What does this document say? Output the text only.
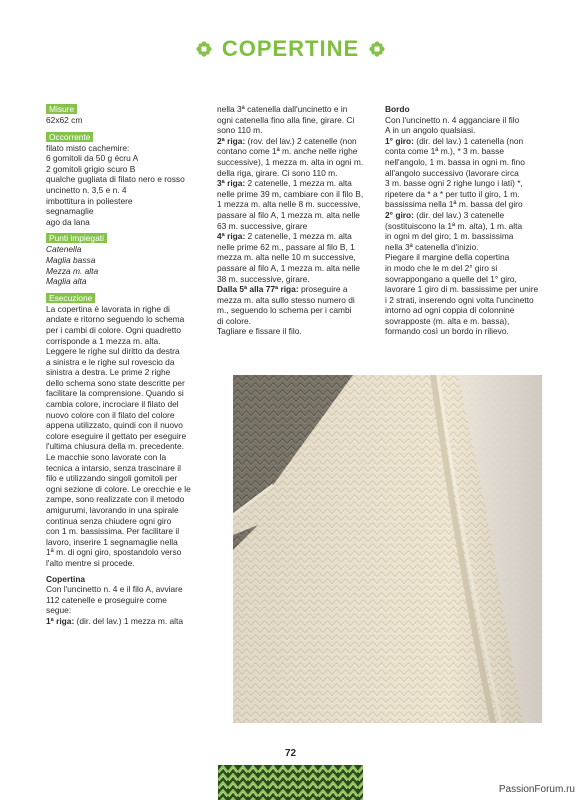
COPERTINE
Misure
62x62 cm
Occorrente
filato misto cachemire:
6 gomitoli da 50 g écru A
2 gomitoli grigio scuro B
qualche gugliata di filato nero e rosso
uncinetto n. 3,5 e n. 4
imbottitura in poliestere
segnamaglie
ago da lana
Punti impiegati
Catenella
Maglia bassa
Mezza m. alta
Maglia alta
Esecuzione
La copertina è lavorata in righe di
andate e ritorno seguendo lo schema
per i cambi di colore. Ogni quadretto
corrisponde a 1 mezza m. alta.
Leggere le righe sul diritto da destra
a sinistra e le righe sul rovescio da
sinistra a destra. Le prime 2 righe
dello schema sono state descritte per
facilitare la comprensione. Quando si
cambia colore, incrociare il filato del
nuovo colore con il filato del colore
appena utilizzato, quindi con il nuovo
colore eseguire il gettato per eseguire
l'ultima chiusura della m. precedente.
Le macchie sono lavorate con la
tecnica a intarsio, senza trascinare il
filo e utilizzando singoli gomitoli per
ogni sezione di colore. Le orecchie e le
zampe, sono realizzate con il metodo
amigurumi, lavorando in una spirale
continua senza chiudere ogni giro
con 1 m. bassissima. Per facilitare il
lavoro, inserire 1 segnamaglie nella
1ª m. di ogni giro, spostandolo verso
l'alto mentre si procede.
Copertina
Con l'uncinetto n. 4 e il filo A, avviare
112 catenelle e proseguire come
segue:
1ª riga: (dir. del lav.) 1 mezza m. alta
nella 3ª catenella dall'uncinetto e in
ogni catenella fino alla fine, girare. Ci
sono 110 m.
2ª riga: (rov. del lav.) 2 catenelle (non
contano come 1ª m. anche nelle righe
successive), 1 mezza m. alta in ogni m.
della riga, girare. Ci sono 110 m.
3ª riga: 2 catenelle, 1 mezza m. alta
nelle prime 39 m, cambiare con il filo B,
1 mezza m. alta nelle 8 m. successive,
passare al filo A, 1 mezza m. alta nelle
63 m. successive, girare
4ª riga: 2 catenelle, 1 mezza m. alta
nelle prime 62 m., passare al filo B, 1
mezza m. alta nelle 10 m successive,
passare al filo A, 1 mezza m. alta nelle
38 m. successive, girare.
Dalla 5ª alla 77ª riga: proseguire a
mezza m. alta sullo stesso numero di
m., seguendo lo schema per i cambi
di colore.
Tagliare e fissare il filo.
Bordo
Con l'uncinetto n. 4 agganciare il filo
A in un angolo qualsiasi.
1° giro: (dir. del lav.) 1 catenella (non
conta come 1ª m.), * 3 m. basse
nell'angolo, 1 m. bassa in ogni m. fino
all'angolo successivo (lavorare circa
3 m. basse ogni 2 righe lungo i lati) *,
ripetere da * a * per tutto il giro, 1 m.
bassissima nella 1ª m. bassa del giro
2° giro: (dir. del lav.) 3 catenelle
(sostituiscono la 1ª m. alta), 1 m. alta
in ogni m del giro; 1 m. bassissima
nella 3ª catenella d'inizio.
Piegare il margine della copertina
in modo che le m del 2° giro si
sovrappongano a quelle del 1° giro,
lavorare 1 giro di m. bassissime per unire
i 2 strati, inserendo ogni volta l'uncinetto
intorno ad ogni coppia di colonnine
sovrapposte (m. alta e m. bassa),
formando così un bordo in rilievo.
72
PassionForum.ru
